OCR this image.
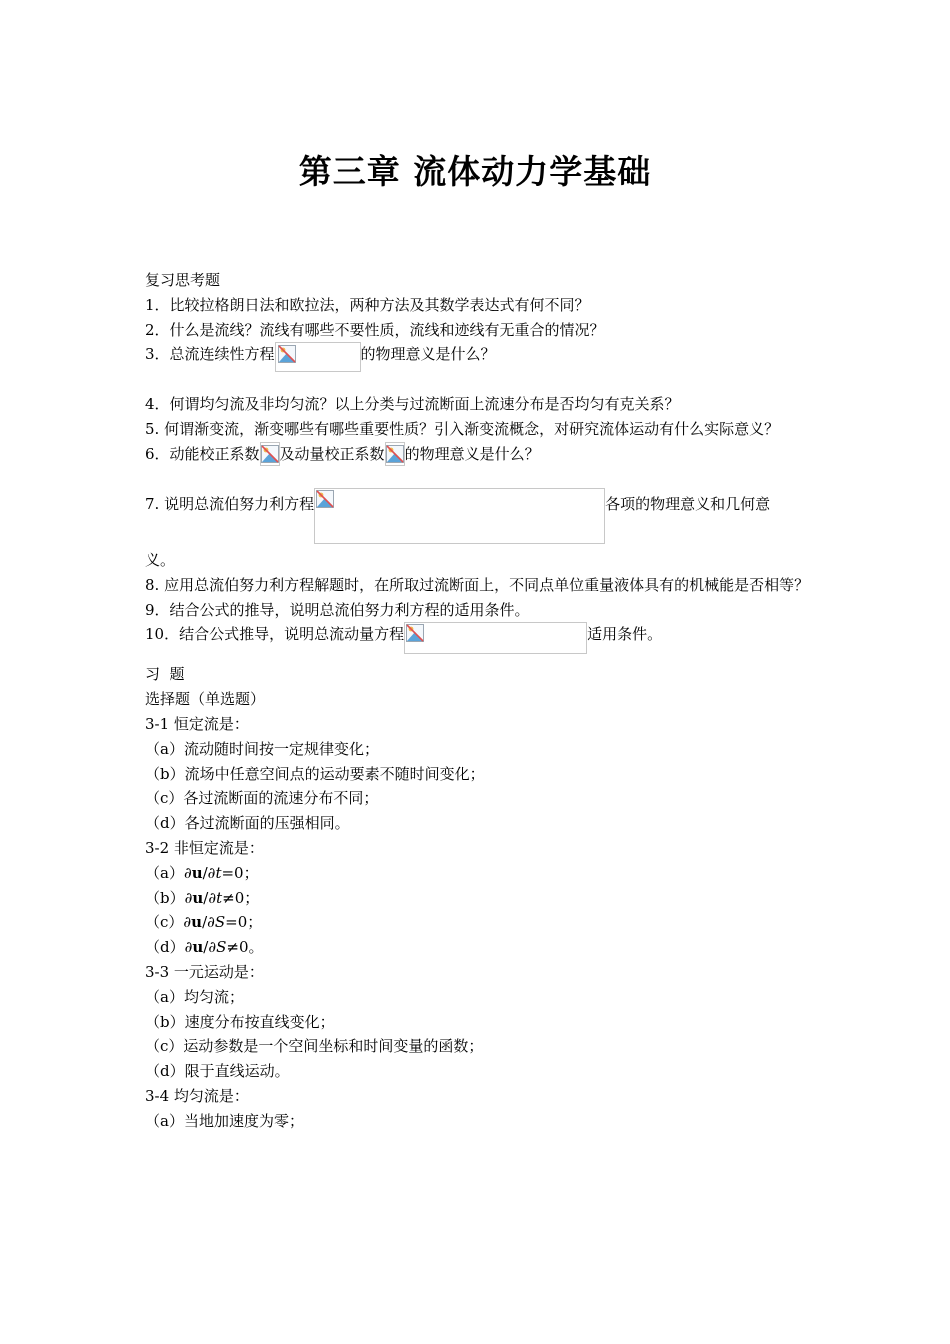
第三章 流体动力学基础
复习思考题
1．比较拉格朗日法和欧拉法，两种方法及其数学表达式有何不同？
2．什么是流线？流线有哪些不要性质，流线和迹线有无重合的情况？
3．总流连续性方程	的物理意义是什么？
4．何谓均匀流及非均匀流？以上分类与过流断面上流速分布是否均匀有克关系？
5. 何谓渐变流，渐变哪些有哪些重要性质？引入渐变流概念，对研究流体运动有什么实际意义？
6．动能校正系数 及动量校正系数 的物理意义是什么？
7. 说明总流伯努力利方程	各项的物理意义和几何意
义。
8. 应用总流伯努力利方程解题时，在所取过流断面上，不同点单位重量液体具有的机械能是否相等？
9．结合公式的推导，说明总流伯努力利方程的适用条件。
10．结合公式推导，说明总流动量方程	适用条件。
习  题
选择题（单选题）
3-1 恒定流是：
（a）流动随时间按一定规律变化；
（b）流场中任意空间点的运动要素不随时间变化；
（c）各过流断面的流速分布不同；
（d）各过流断面的压强相同。
3-2 非恒定流是：
（a）∂u/∂t=0；
（b）∂u/∂t≠0；
（c）∂u/∂S=0；
（d）∂u/∂S≠0。
3-3 一元运动是：
（a）均匀流；
（b）速度分布按直线变化；
（c）运动参数是一个空间坐标和时间变量的函数；
（d）限于直线运动。
3-4 均匀流是：
（a）当地加速度为零；
